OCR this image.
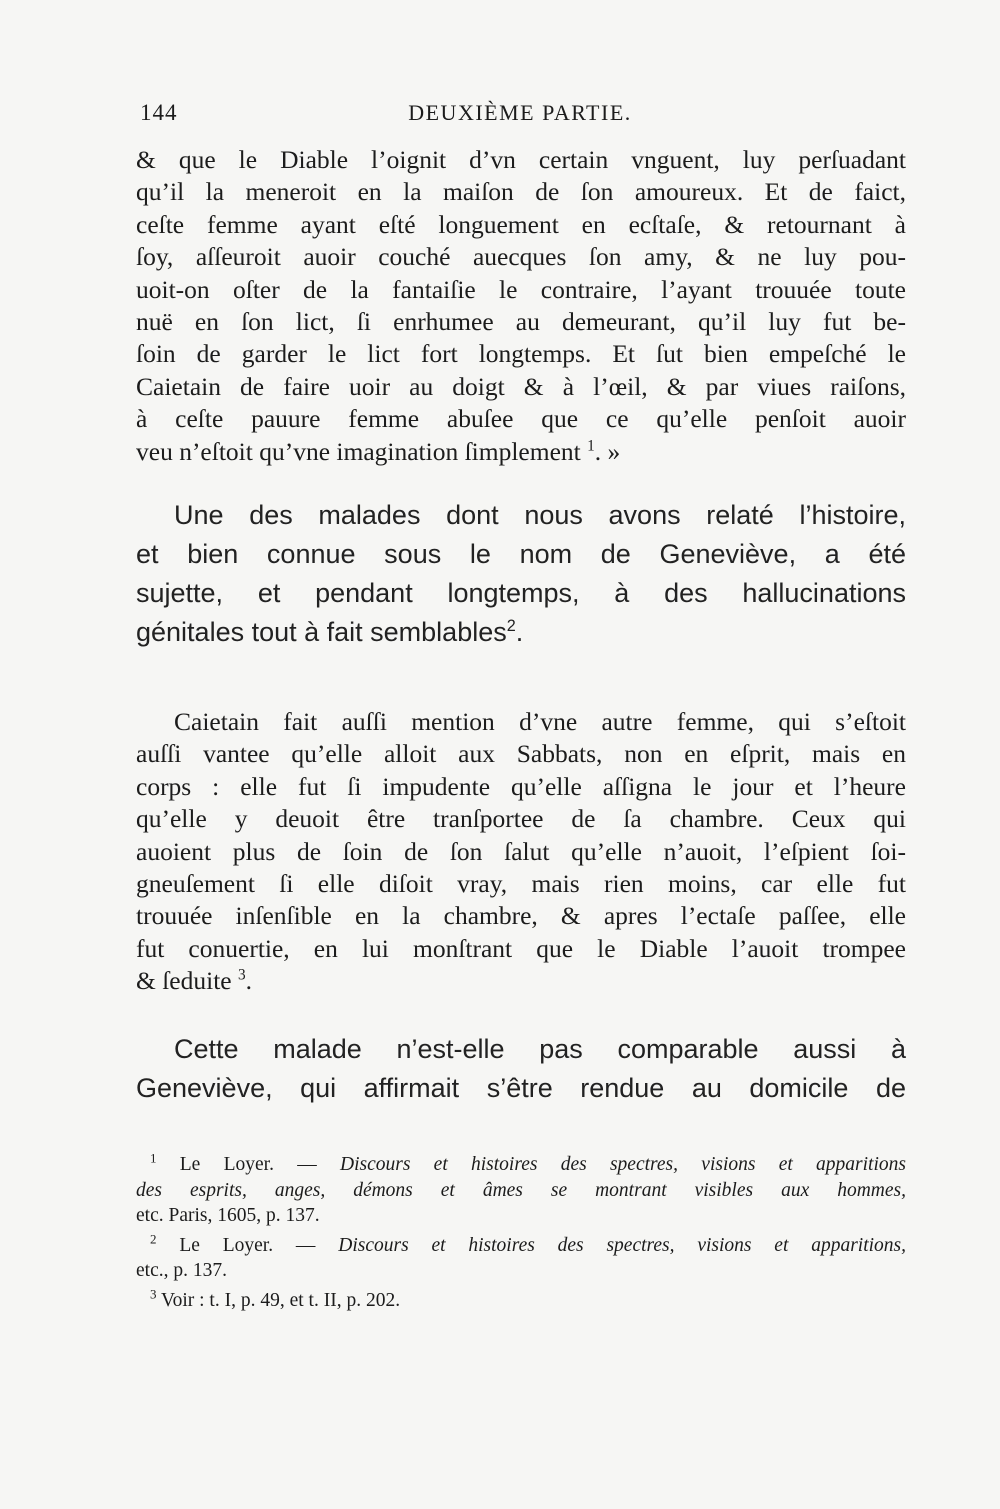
144	DEUXIÈME PARTIE.
& que le Diable l’oignit d’vn certain vnguent, luy perſuadant
qu’il la meneroit en la maiſon de ſon amoureux. Et de faict,
ceſte femme ayant eſté longuement en ecſtaſe, & retournant à
ſoy, aſſeuroit auoir couché auecques ſon amy, & ne luy pou-
uoit-on oſter de la fantaiſie le contraire, l’ayant trouuée toute
nuë en ſon lict, ſi enrhumee au demeurant, qu’il luy fut be-
ſoin de garder le lict fort longtemps. Et ſut bien empeſché le
Caietain de faire uoir au doigt & à l’œil, & par viues raiſons,
à ceſte pauure femme abuſee que ce qu’elle penſoit auoir
veu n’eſtoit qu’vne imagination ſimplement $^1$. »
Une des malades dont nous avons relaté l’histoire,
et bien connue sous le nom de Geneviève, a été
sujette, et pendant longtemps, à des hallucinations
génitales tout à fait semblables$^2$.
Caietain fait auſſi mention d’vne autre femme, qui s’eſtoit
auſſi vantee qu’elle alloit aux Sabbats, non en eſprit, mais en
corps : elle fut ſi impudente qu’elle aſſigna le jour et l’heure
qu’elle y deuoit être tranſportee de ſa chambre. Ceux qui
auoient plus de ſoin de ſon ſalut qu’elle n’auoit, l’eſpient ſoi-
gneuſement ſi elle diſoit vray, mais rien moins, car elle fut
trouuée inſenſible en la chambre, & apres l’ectaſe paſſee, elle
fut conuertie, en lui monſtrant que le Diable l’auoit trompee
& ſeduite $^3$.
Cette malade n’est-elle pas comparable aussi à
Geneviève, qui affirmait s’être rendue au domicile de
$^1$ Le Loyer. — Discours et histoires des spectres, visions et apparitions
des esprits, anges, démons et âmes se montrant visibles aux hommes,
etc. Paris, 1605, p. 137.
$^2$ Le Loyer. — Discours et histoires des spectres, visions et apparitions,
etc., p. 137.
$^3$ Voir : t. I, p. 49, et t. II, p. 202.
